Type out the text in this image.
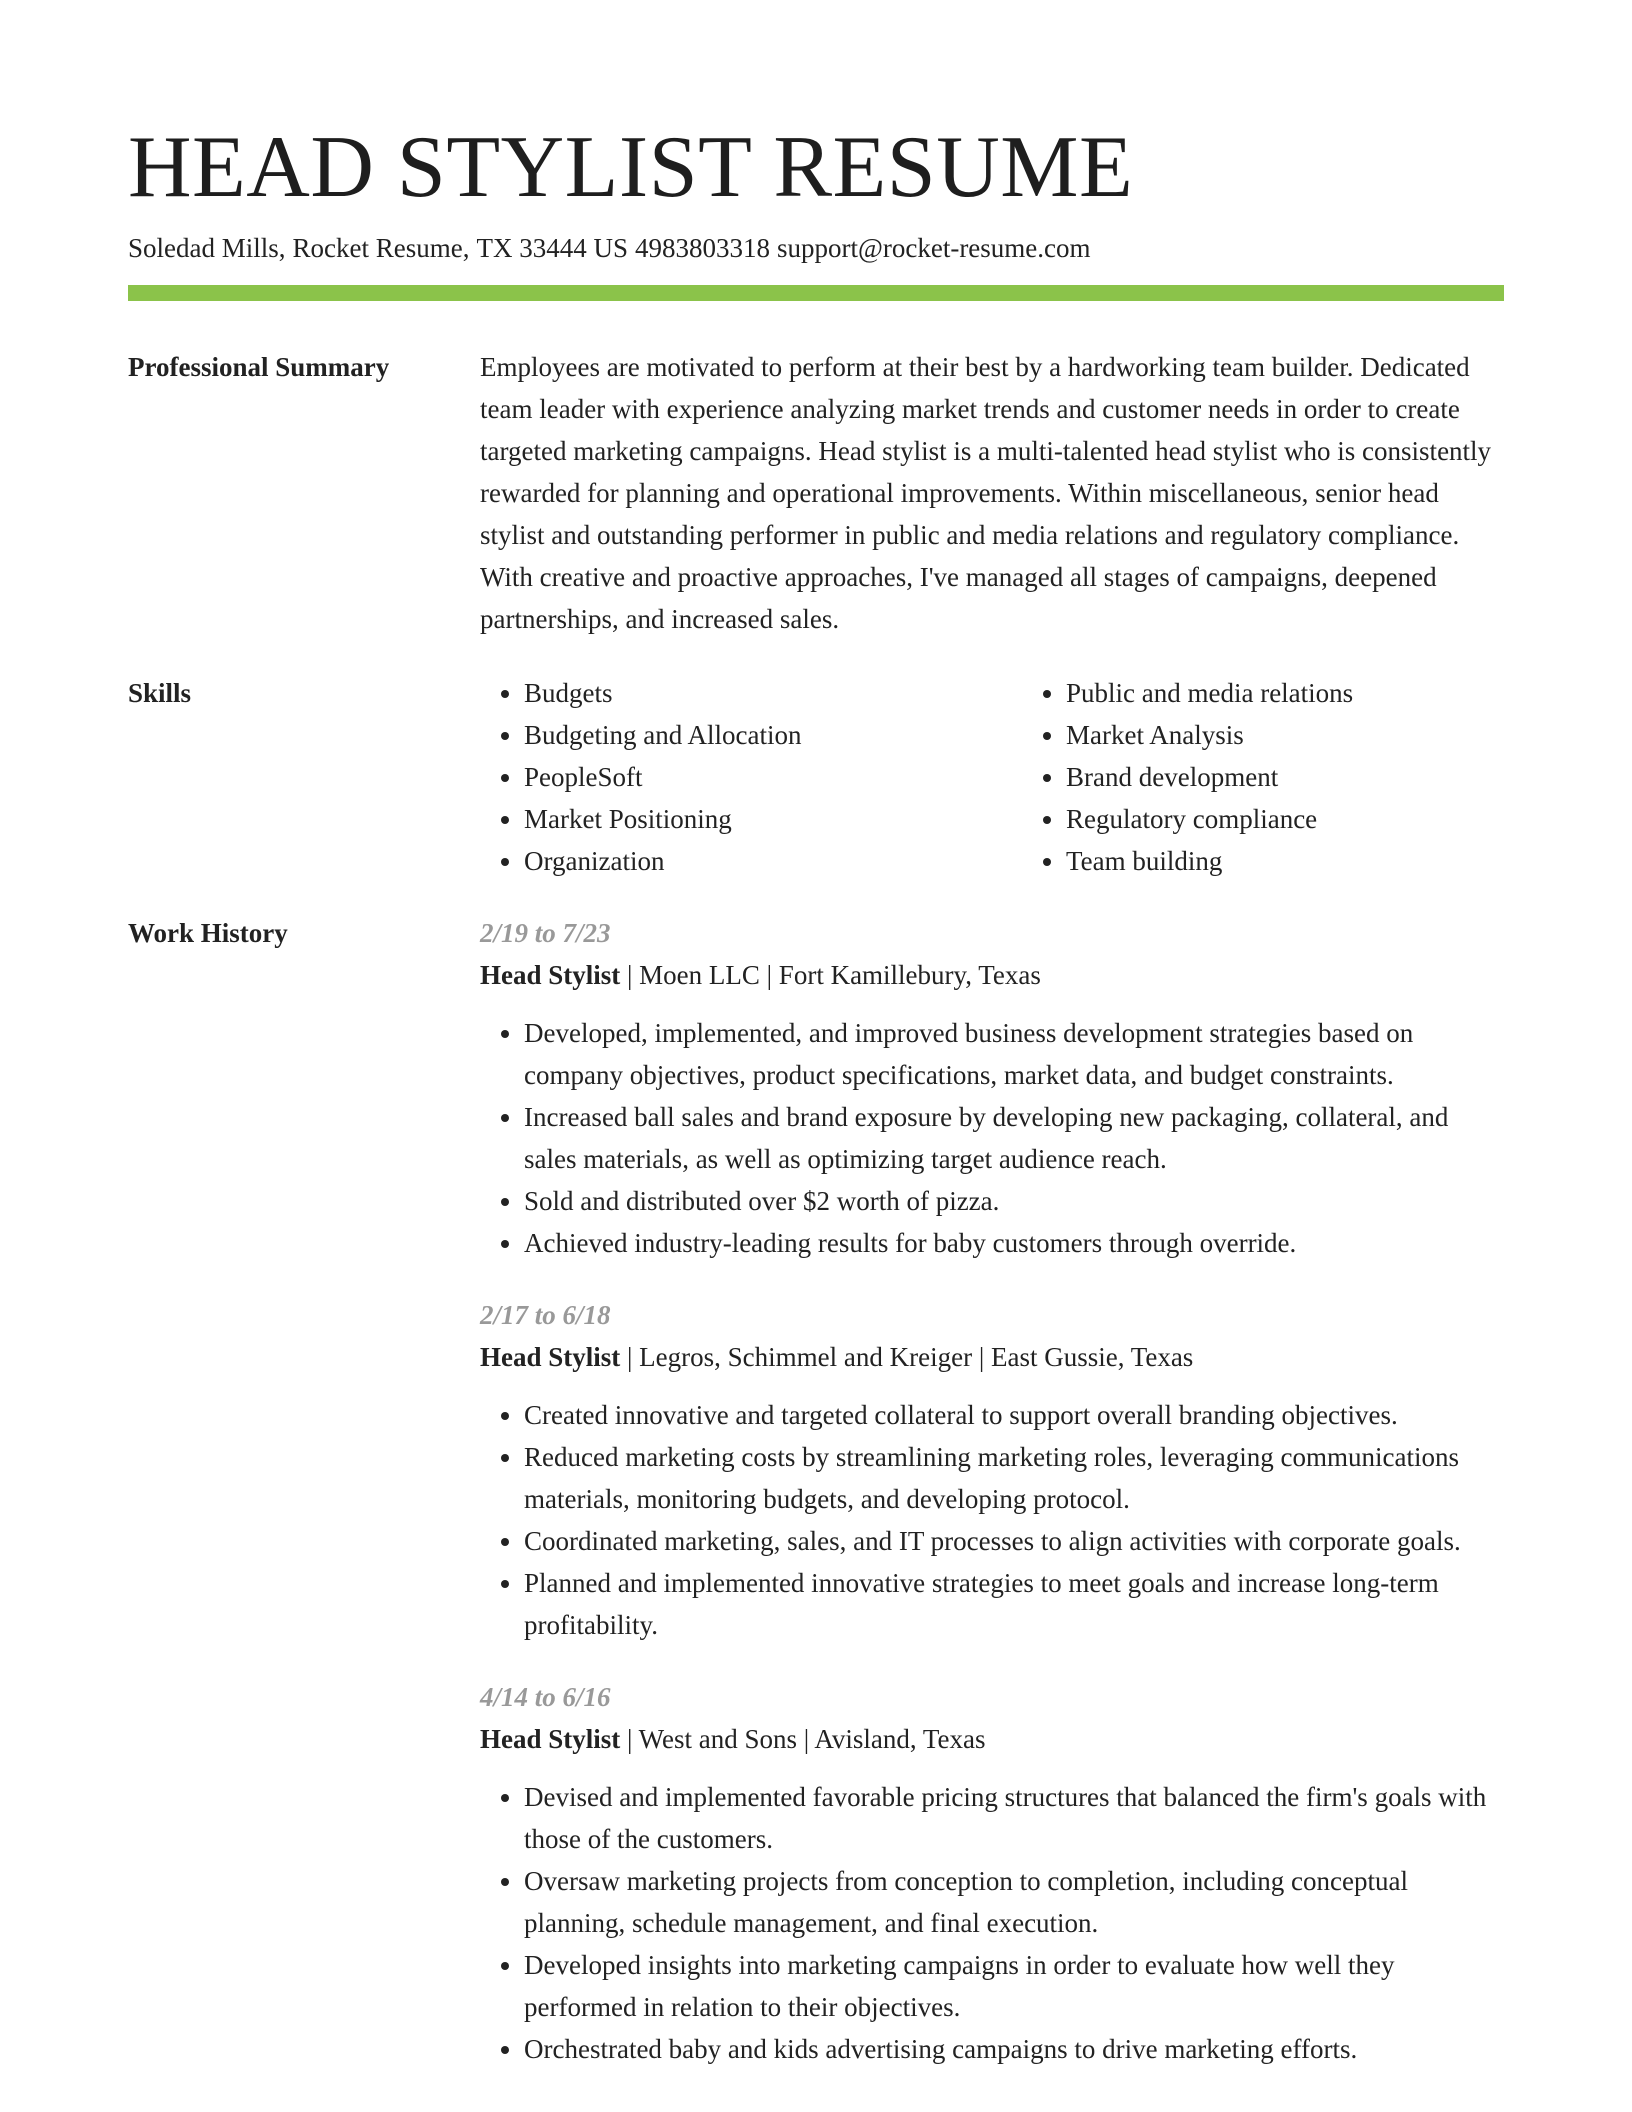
HEAD STYLIST RESUME
Soledad Mills, Rocket Resume, TX 33444 US 4983803318 support@rocket-resume.com
Professional Summary	Employees are motivated to perform at their best by a hardworking team builder. Dedicated team leader with experience analyzing market trends and customer needs in order to create targeted marketing campaigns. Head stylist is a multi-talented head stylist who is consistently rewarded for planning and operational improvements. Within miscellaneous, senior head stylist and outstanding performer in public and media relations and regulatory compliance. With creative and proactive approaches, I've managed all stages of campaigns, deepened partnerships, and increased sales.

Skills
•	Budgets
• Budgeting and Allocation
• PeopleSoft
• Market Positioning
• Organization
• Public and media relations
• Market Analysis
• Brand development
• Regulatory compliance
• Team building
Work History	2/19 to 7/23
Head Stylist | Moen LLC | Fort Kamillebury, Texas
• Developed, implemented, and improved business development strategies based on company objectives, product specifications, market data, and budget constraints.
• Increased ball sales and brand exposure by developing new packaging, collateral, and sales materials, as well as optimizing target audience reach.
• Sold and distributed over $2 worth of pizza.
• Achieved industry-leading results for baby customers through override.
2/17 to 6/18
Head Stylist | Legros, Schimmel and Kreiger | East Gussie, Texas
• Created innovative and targeted collateral to support overall branding objectives.
• Reduced marketing costs by streamlining marketing roles, leveraging communications materials, monitoring budgets, and developing protocol.
• Coordinated marketing, sales, and IT processes to align activities with corporate goals.
• Planned and implemented innovative strategies to meet goals and increase long-term profitability.
4/14 to 6/16
Head Stylist | West and Sons | Avisland, Texas
• Devised and implemented favorable pricing structures that balanced the firm's goals with those of the customers.
• Oversaw marketing projects from conception to completion, including conceptual planning, schedule management, and final execution.
• Developed insights into marketing campaigns in order to evaluate how well they performed in relation to their objectives.
• Orchestrated baby and kids advertising campaigns to drive marketing efforts.
